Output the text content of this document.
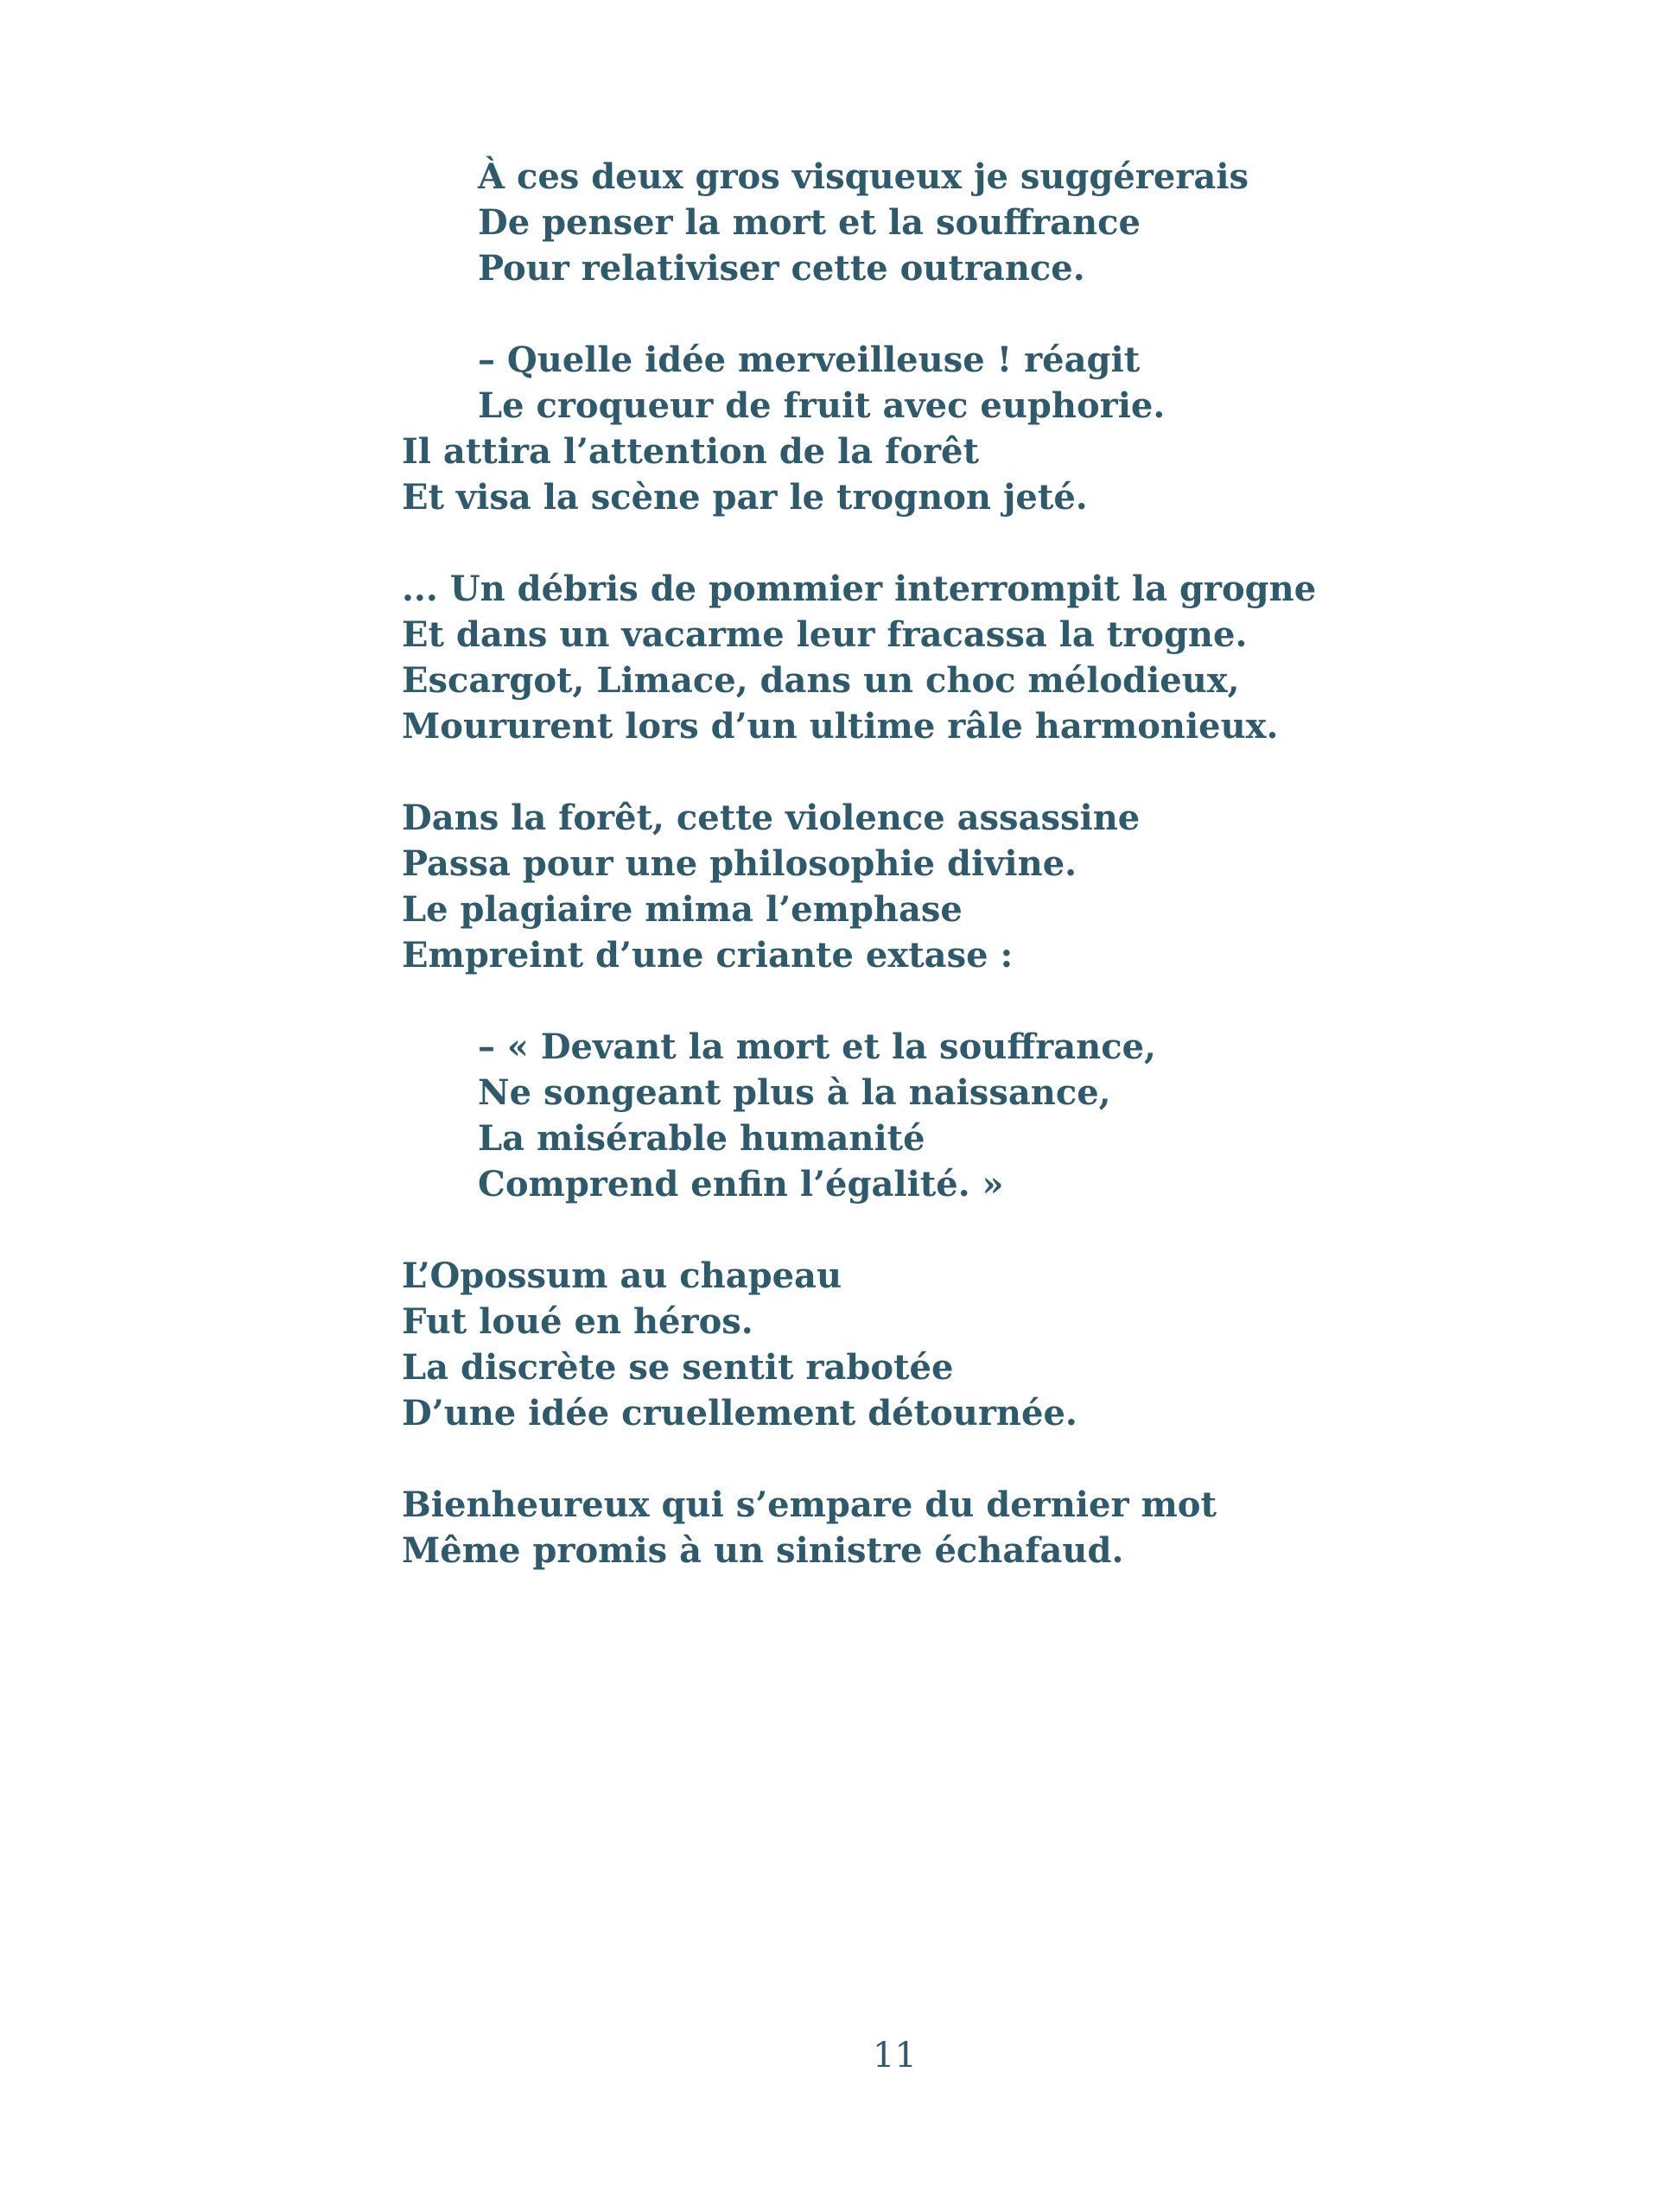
À ces deux gros visqueux je suggérerais
De penser la mort et la souffrance
Pour relativiser cette outrance.
– Quelle idée merveilleuse ! réagit
Le croqueur de fruit avec euphorie.
Il attira l’attention de la forêt
Et visa la scène par le trognon jeté.
... Un débris de pommier interrompit la grogne
Et dans un vacarme leur fracassa la trogne.
Escargot, Limace, dans un choc mélodieux,
Moururent lors d’un ultime râle harmonieux.
Dans la forêt, cette violence assassine
Passa pour une philosophie divine.
Le plagiaire mima l’emphase
Empreint d’une criante extase :
– « Devant la mort et la souffrance,
Ne songeant plus à la naissance,
La misérable humanité
Comprend enfin l’égalité. »
L’Opossum au chapeau
Fut loué en héros.
La discrète se sentit rabotée
D’une idée cruellement détournée.
Bienheureux qui s’empare du dernier mot
Même promis à un sinistre échafaud.
11
